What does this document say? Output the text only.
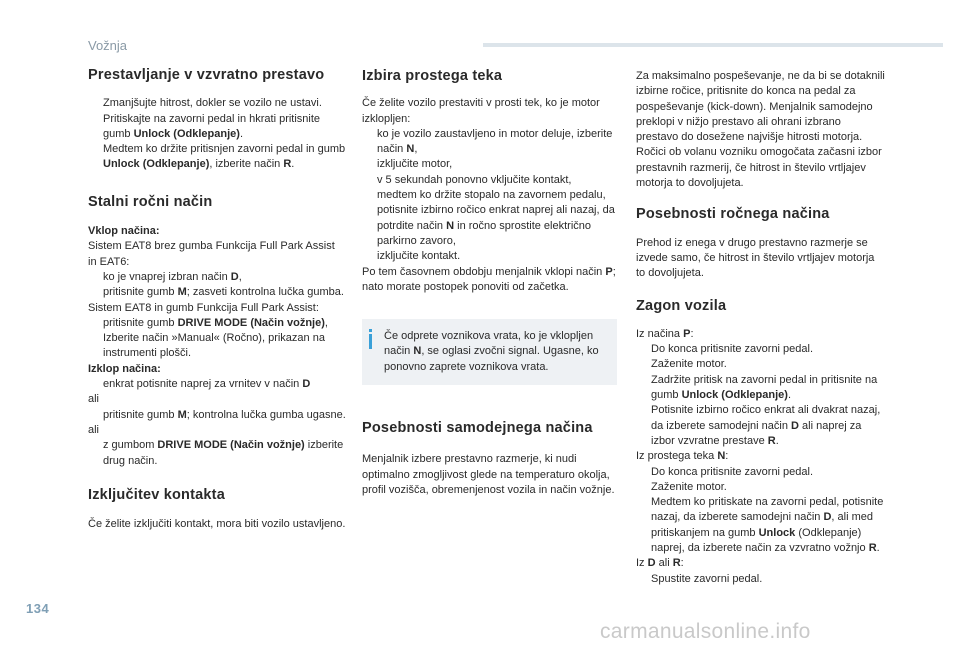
Vožnja
Prestavljanje v vzvratno prestavo
Zmanjšujte hitrost, dokler se vozilo ne ustavi.
Pritiskajte na zavorni pedal in hkrati pritisnite gumb Unlock (Odklepanje).
Medtem ko držite pritisnjen zavorni pedal in gumb Unlock (Odklepanje), izberite način R.
Stalni ročni način

Vklop načina:

Sistem EAT8 brez gumba Funkcija Full Park Assist in EAT6:

ko je vnaprej izbran način D,
pritisnite gumb M; zasveti kontrolna lučka gumba.

Sistem EAT8 in gumb Funkcija Full Park Assist:

pritisnite gumb DRIVE MODE (Način vožnje),
Izberite način »Manual« (Ročno), prikazan na instrumenti plošči.

Izklop načina:

enkrat potisnite naprej za vrnitev v način D

ali

pritisnite gumb M; kontrolna lučka gumba ugasne.

ali

z gumbom DRIVE MODE (Način vožnje) izberite drug način.
Izključitev kontakta

Če želite izključiti kontakt, mora biti vozilo ustavljeno.

Izbira prostega teka

Če želite vozilo prestaviti v prosti tek, ko je motor izklopljen:

ko je vozilo zaustavljeno in motor deluje, izberite način N,
izključite motor,
v 5 sekundah ponovno vključite kontakt,
medtem ko držite stopalo na zavornem pedalu, potisnite izbirno ročico enkrat naprej ali nazaj, da potrdite način N in ročno sprostite električno parkirno zavoro,
izključite kontakt.

Po tem časovnem obdobju menjalnik vklopi način P; nato morate postopek ponoviti od začetka.

Če odprete voznikova vrata, ko je vklopljen način N, se oglasi zvočni signal. Ugasne, ko ponovno zaprete voznikova vrata.

Posebnosti samodejnega načina

Menjalnik izbere prestavno razmerje, ki nudi optimalno zmogljivost glede na temperaturo okolja, profil vozišča, obremenjenost vozila in način vožnje.

Za maksimalno pospeševanje, ne da bi se dotaknili izbirne ročice, pritisnite do konca na pedal za pospeševanje (kick-down). Menjalnik samodejno preklopi v nižjo prestavo ali ohrani izbrano prestavo do dosežene najvišje hitrosti motorja.

Ročici ob volanu vozniku omogočata začasni izbor prestavnih razmerij, če hitrost in število vrtljajev motorja to dovoljujeta.

Posebnosti ročnega načina

Prehod iz enega v drugo prestavno razmerje se izvede samo, če hitrost in število vrtljajev motorja to dovoljujeta.

Zagon vozila

Iz načina P:

Do konca pritisnite zavorni pedal.
Zaženite motor.
Zadržite pritisk na zavorni pedal in pritisnite na gumb Unlock (Odklepanje).
Potisnite izbirno ročico enkrat ali dvakrat nazaj, da izberete samodejni način D ali naprej za izbor vzvratne prestave R.

Iz prostega teka N:

Do konca pritisnite zavorni pedal.
Zaženite motor.
Medtem ko pritiskate na zavorni pedal, potisnite nazaj, da izberete samodejni način D, ali med pritiskanjem na gumb Unlock (Odklepanje) naprej, da izberete način za vzvratno vožnjo R.

Iz D ali R:

Spustite zavorni pedal.
134
carmanualsonline.info
